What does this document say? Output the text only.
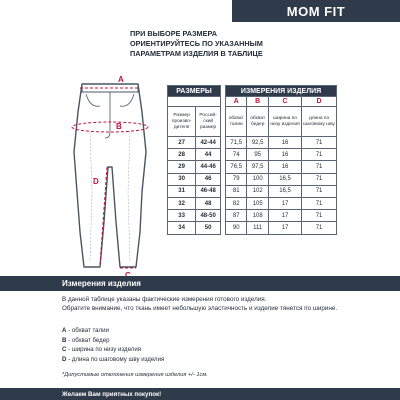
MOM FIT
ПРИ ВЫБОРЕ РАЗМЕРА
ОРИЕНТИРУЙТЕСЬ ПО УКАЗАННЫМ
ПАРАМЕТРАМ ИЗДЕЛИЯ В ТАБЛИЦЕ
A
B
D
РАЗМЕРЫ	

Размер произво-дителя	Россий-ский размер
27	42-44
28	44
29	44-46
30	46
31	46-48
32	48
33	48-50
34	50
ИЗМЕРЕНИЯ ИЗДЕЛИЯ			
A	B	C	D
обхват талии	обхват бедер	ширина по низу изделия	длина по шаговому шву
71,5	92,5	16	71
74	95	16	71
76,5	97,5	16	71
79	100	16,5	71
81	102	16,5	71
82	105	17	71
87	108	17	71
90	111	17	71
Измерения изделия

В данной таблице указаны фактические измерения готового изделия.

Обратите внимание, что ткань имеет небольшую эластичность и изделие тянется по ширине.

A - обхват талии
B - обхват бедер
C - ширина по низу изделия
D - длина по шаговому шву изделия
*Допустимые отклонения измерения изделия +/- 1см.
Желаем Вам приятных покупок!
